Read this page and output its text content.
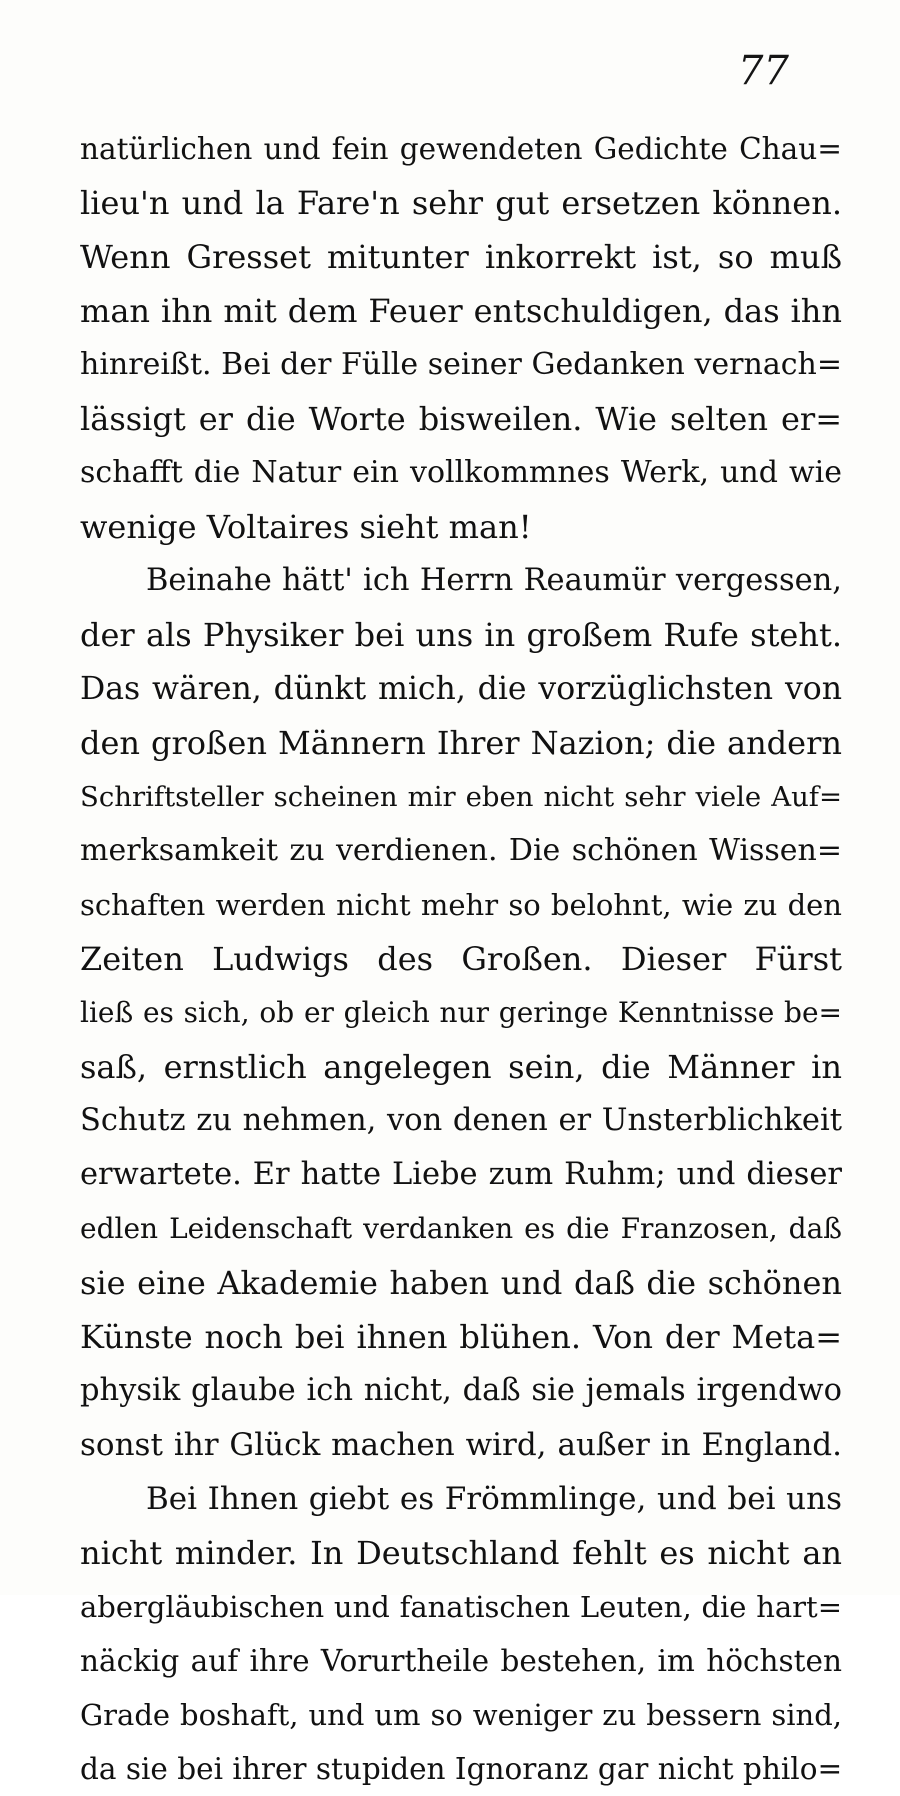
77
natürlichen und fein gewendeten Gedichte Chau=
lieu'n und la Fare'n sehr gut ersetzen können.
Wenn Gresset mitunter inkorrekt ist, so muß
man ihn mit dem Feuer entschuldigen, das ihn
hinreißt. Bei der Fülle seiner Gedanken vernach=
lässigt er die Worte bisweilen. Wie selten er=
schafft die Natur ein vollkommnes Werk, und wie
wenige Voltaires sieht man!
Beinahe hätt' ich Herrn Reaumür vergessen,
der als Physiker bei uns in großem Rufe steht.
Das wären, dünkt mich, die vorzüglichsten von
den großen Männern Ihrer Nazion; die andern
Schriftsteller scheinen mir eben nicht sehr viele Auf=
merksamkeit zu verdienen. Die schönen Wissen=
schaften werden nicht mehr so belohnt, wie zu den
Zeiten Ludwigs des Großen. Dieser Fürst
ließ es sich, ob er gleich nur geringe Kenntnisse be=
saß, ernstlich angelegen sein, die Männer in
Schutz zu nehmen, von denen er Unsterblichkeit
erwartete. Er hatte Liebe zum Ruhm; und dieser
edlen Leidenschaft verdanken es die Franzosen, daß
sie eine Akademie haben und daß die schönen
Künste noch bei ihnen blühen. Von der Meta=
physik glaube ich nicht, daß sie jemals irgendwo
sonst ihr Glück machen wird, außer in England.
Bei Ihnen giebt es Frömmlinge, und bei uns
nicht minder. In Deutschland fehlt es nicht an
abergläubischen und fanatischen Leuten, die hart=
näckig auf ihre Vorurtheile bestehen, im höchsten
Grade boshaft, und um so weniger zu bessern sind,
da sie bei ihrer stupiden Ignoranz gar nicht philo=
